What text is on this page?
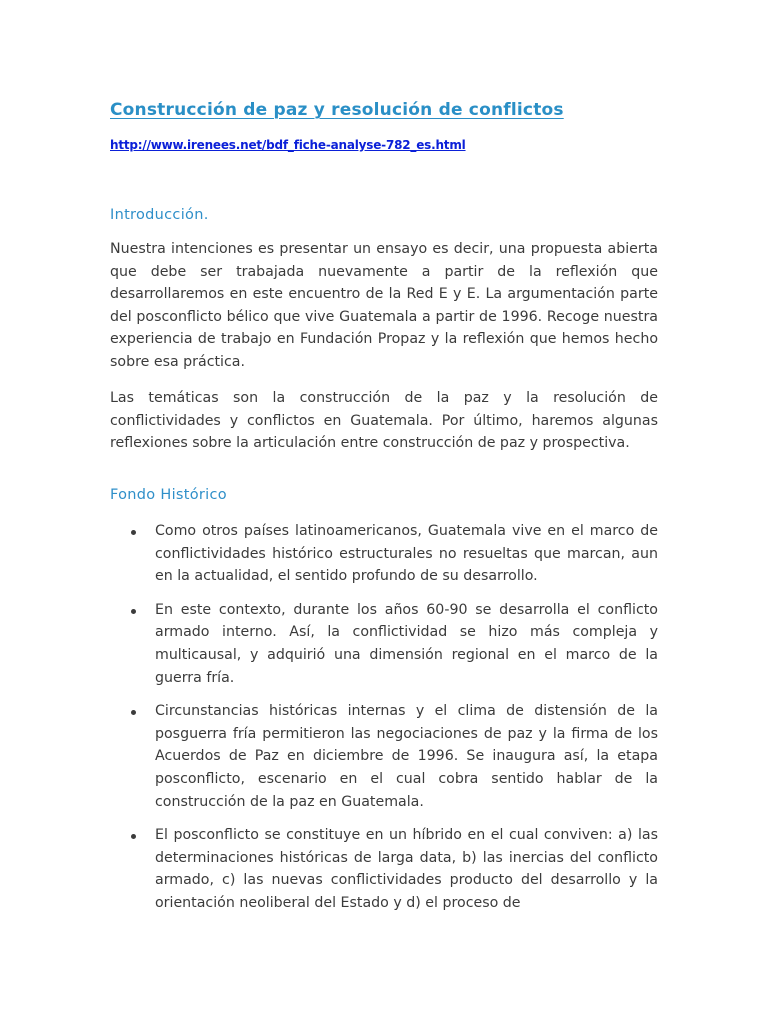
Construcción de paz y resolución de conflictos
http://www.irenees.net/bdf_fiche-analyse-782_es.html
Introducción.

Nuestra intenciones es presentar un ensayo es decir, una propuesta abierta que debe ser trabajada nuevamente a partir de la reflexión que desarrollaremos en este encuentro de la Red E y E. La argumentación parte del posconflicto bélico que vive Guatemala a partir de 1996. Recoge nuestra experiencia de trabajo en Fundación Propaz y la reflexión que hemos hecho sobre esa práctica.

Las temáticas son la construcción de la paz y la resolución de conflictividades y conflictos en Guatemala. Por último, haremos algunas reflexiones sobre la articulación entre construcción de paz y prospectiva.

Fondo Histórico
Como otros países latinoamericanos, Guatemala vive en el marco de conflictividades histórico estructurales no resueltas que marcan, aun en la actualidad, el sentido profundo de su desarrollo.
En este contexto, durante los años 60-90 se desarrolla el conflicto armado interno. Así, la conflictividad se hizo más compleja y multicausal, y adquirió una dimensión regional en el marco de la guerra fría.
Circunstancias históricas internas y el clima de distensión de la posguerra fría permitieron las negociaciones de paz y la firma de los Acuerdos de Paz en diciembre de 1996. Se inaugura así, la etapa posconflicto, escenario en el cual cobra sentido hablar de la construcción de la paz en Guatemala.
El posconflicto se constituye en un híbrido en el cual conviven: a) las determinaciones históricas de larga data, b) las inercias del conflicto armado, c) las nuevas conflictividades producto del desarrollo y la orientación neoliberal del Estado y d) el proceso de
